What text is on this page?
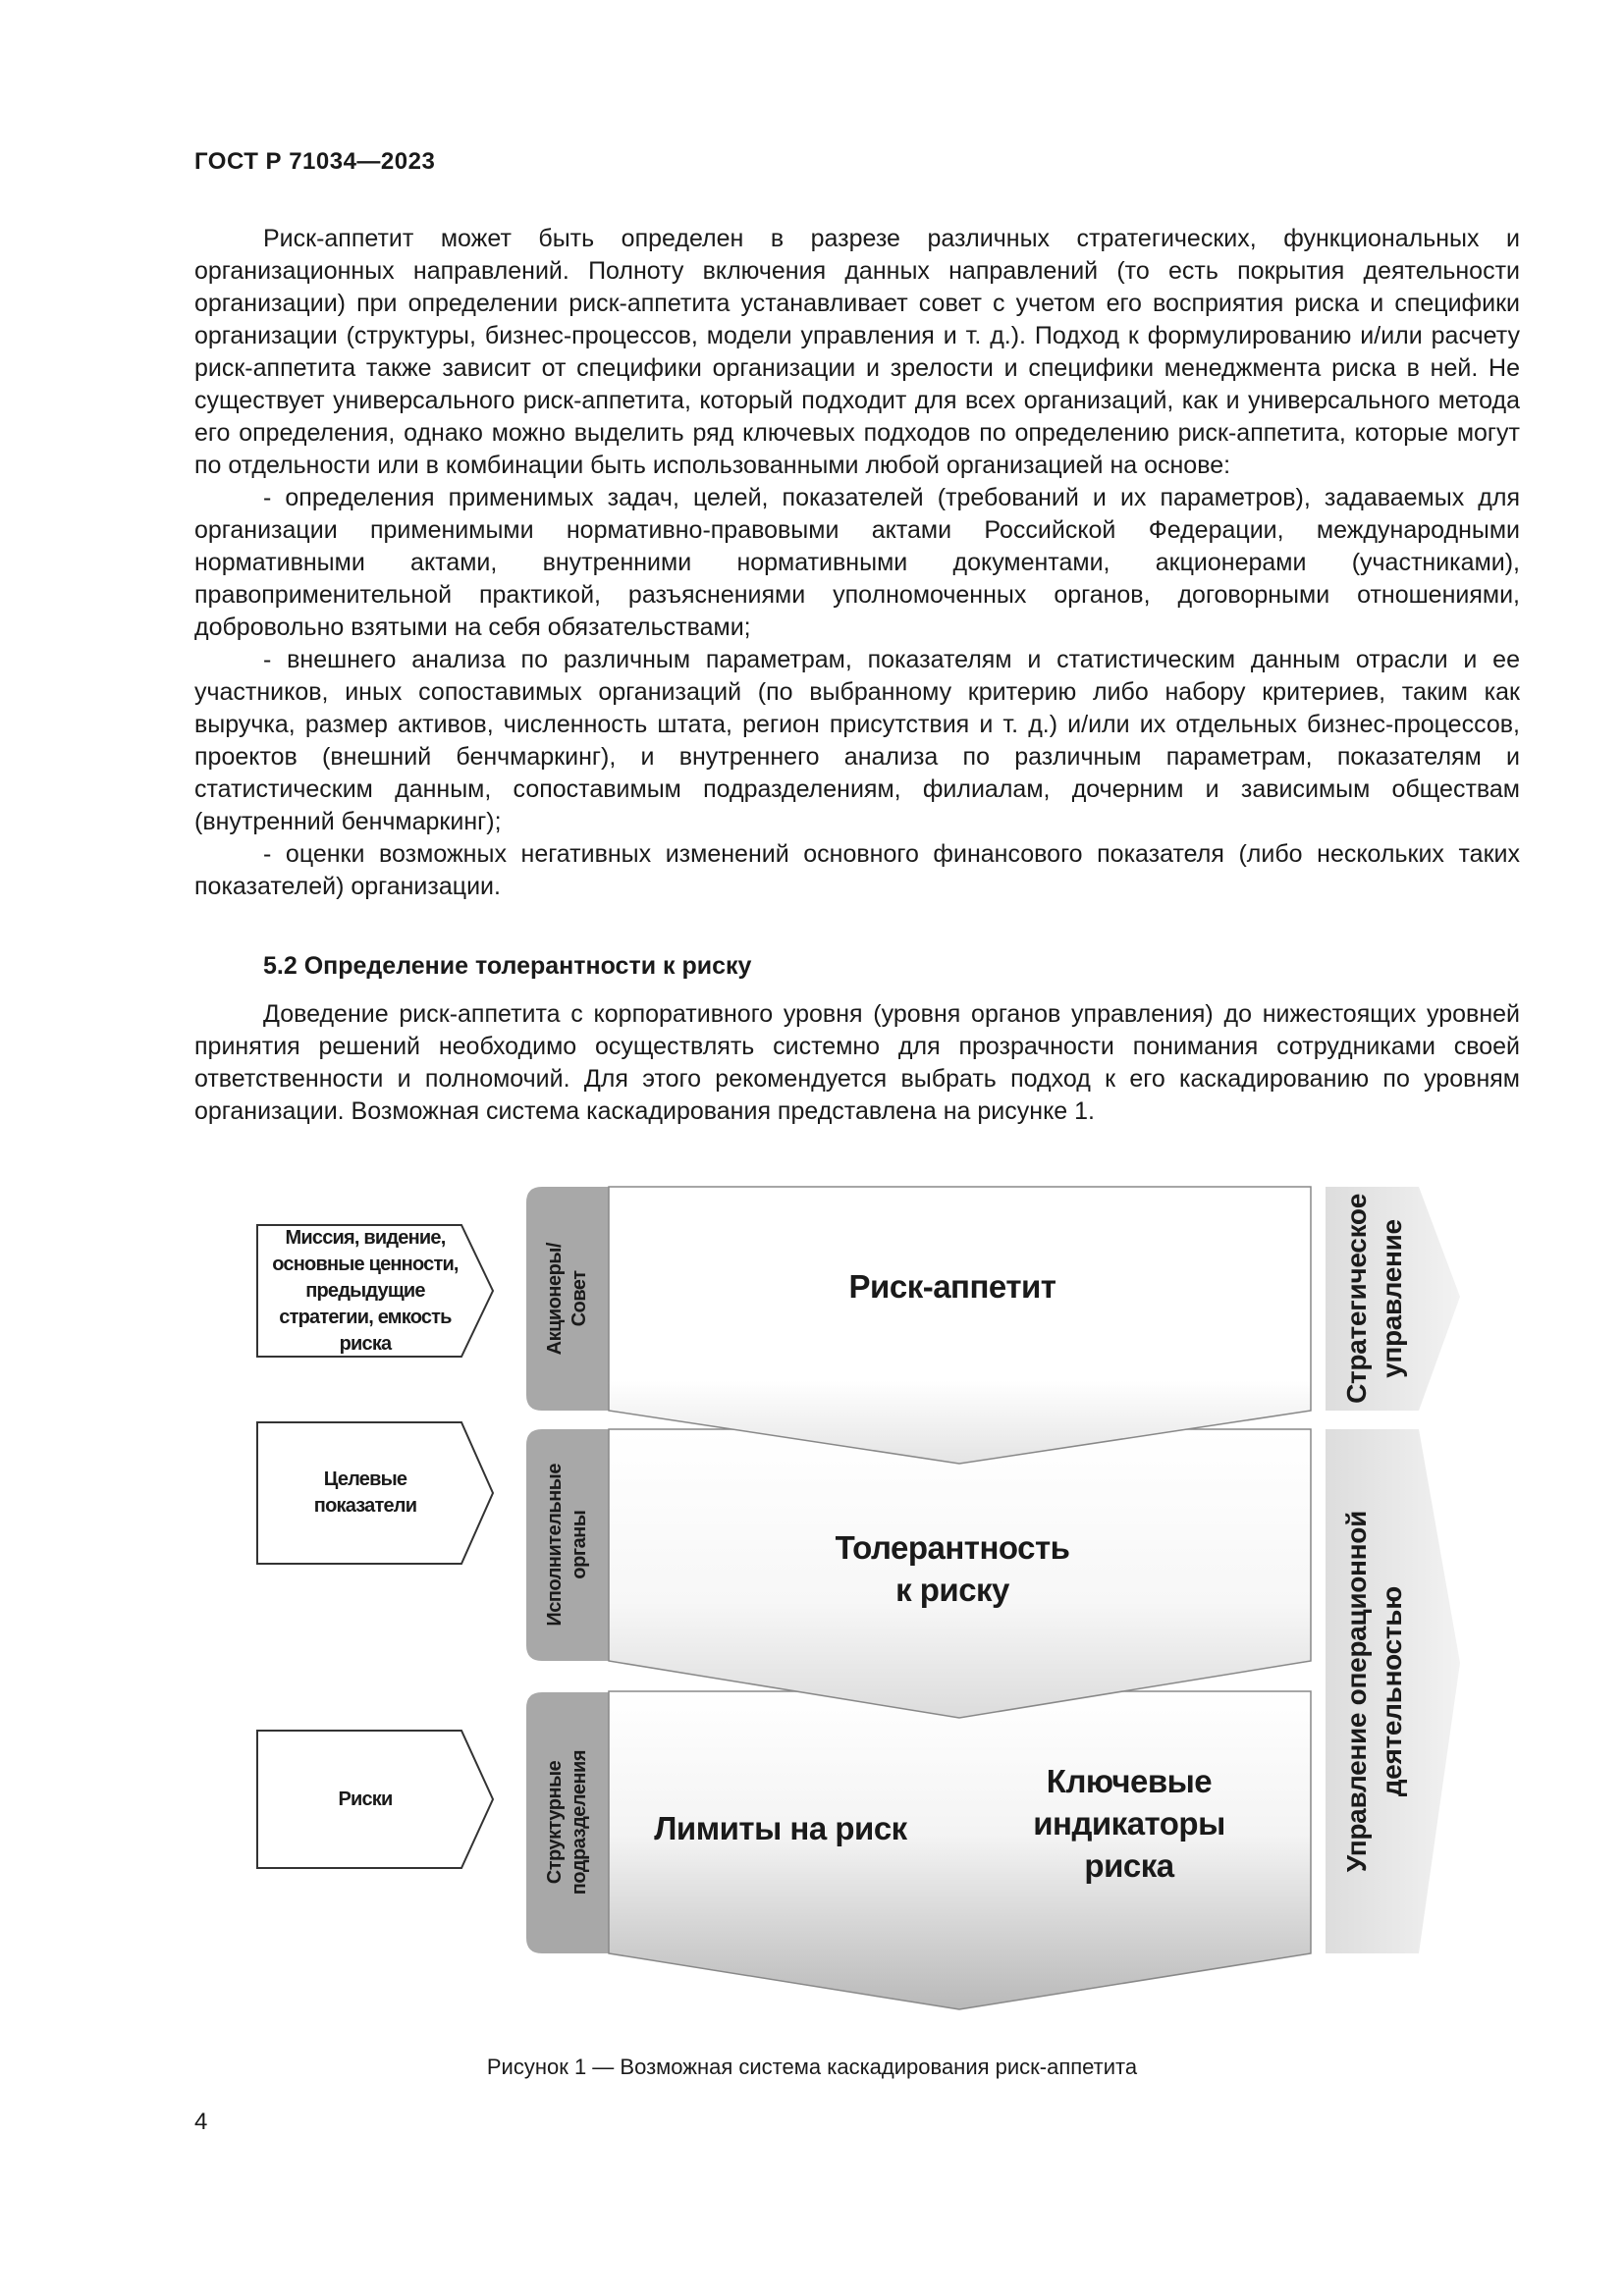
ГОСТ Р 71034—2023

Риск-аппетит может быть определен в разрезе различных стратегических, функциональных и организационных направлений. Полноту включения данных направлений (то есть покрытия деятельности организации) при определении риск-аппетита устанавливает совет с учетом его восприятия риска и специфики организации (структуры, бизнес-процессов, модели управления и т. д.). Подход к формулированию и/или расчету риск-аппетита также зависит от специфики организации и зрелости и специфики менеджмента риска в ней. Не существует универсального риск-аппетита, который подходит для всех организаций, как и универсального метода его определения, однако можно выделить ряд ключевых подходов по определению риск-аппетита, которые могут по отдельности или в комбинации быть использованными любой организацией на основе:

- определения применимых задач, целей, показателей (требований и их параметров), задаваемых для организации применимыми нормативно-правовыми актами Российской Федерации, международными нормативными актами, внутренними нормативными документами, акционерами (участниками), правоприменительной практикой, разъяснениями уполномоченных органов, договорными отношениями, добровольно взятыми на себя обязательствами;

- внешнего анализа по различным параметрам, показателям и статистическим данным отрасли и ее участников, иных сопоставимых организаций (по выбранному критерию либо набору критериев, таким как выручка, размер активов, численность штата, регион присутствия и т. д.) и/или их отдельных бизнес-процессов, проектов (внешний бенчмаркинг), и внутреннего анализа по различным параметрам, показателям и статистическим данным, сопоставимым подразделениям, филиалам, дочерним и зависимым обществам (внутренний бенчмаркинг);

- оценки возможных негативных изменений основного финансового показателя (либо нескольких таких показателей) организации.

5.2 Определение толерантности к риску

Доведение риск-аппетита с корпоративного уровня (уровня органов управления) до нижестоящих уровней принятия решений необходимо осуществлять системно для прозрачности понимания сотрудниками своей ответственности и полномочий. Для этого рекомендуется выбрать подход к его каскадированию по уровням организации. Возможная система каскадирования представлена на рисунке 1.

Миссия, видение,
основные ценности,
предыдущие
стратегии, емкость
риска
Целевые
показатели
Риски
Акционеры/
Совет
Исполнительные
органы
Структурные
подразделения
Риск-аппетит
Толерантность
к риску
Лимиты на риск
Ключевые
индикаторы
риска
Стратегическое
управление
Управление операционной
деятельностью
Рисунок 1 — Возможная система каскадирования риск-аппетита
4
